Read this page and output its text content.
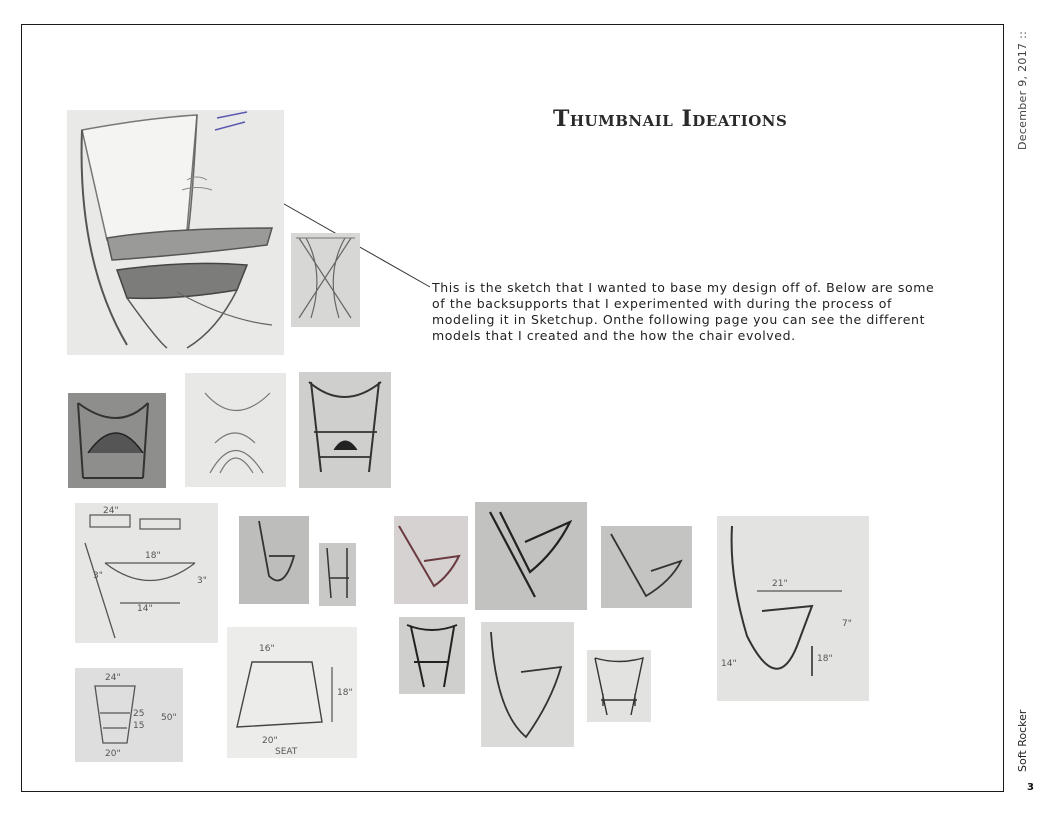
Thumbnail Ideations
This is the sketch that I wanted to base my design off of. Below are some of the backsupports that I experimented with during the process of modeling it in Sketchup. Onthe following page you can see the different models that I created and the how the chair evolved.
December 9, 2017 ::
Soft Rocker
3
18"
24"
3"	3"
14"
21"
14"	18"
7"
24"
25
15
50"
20"
16"
18"
20"
SEAT
